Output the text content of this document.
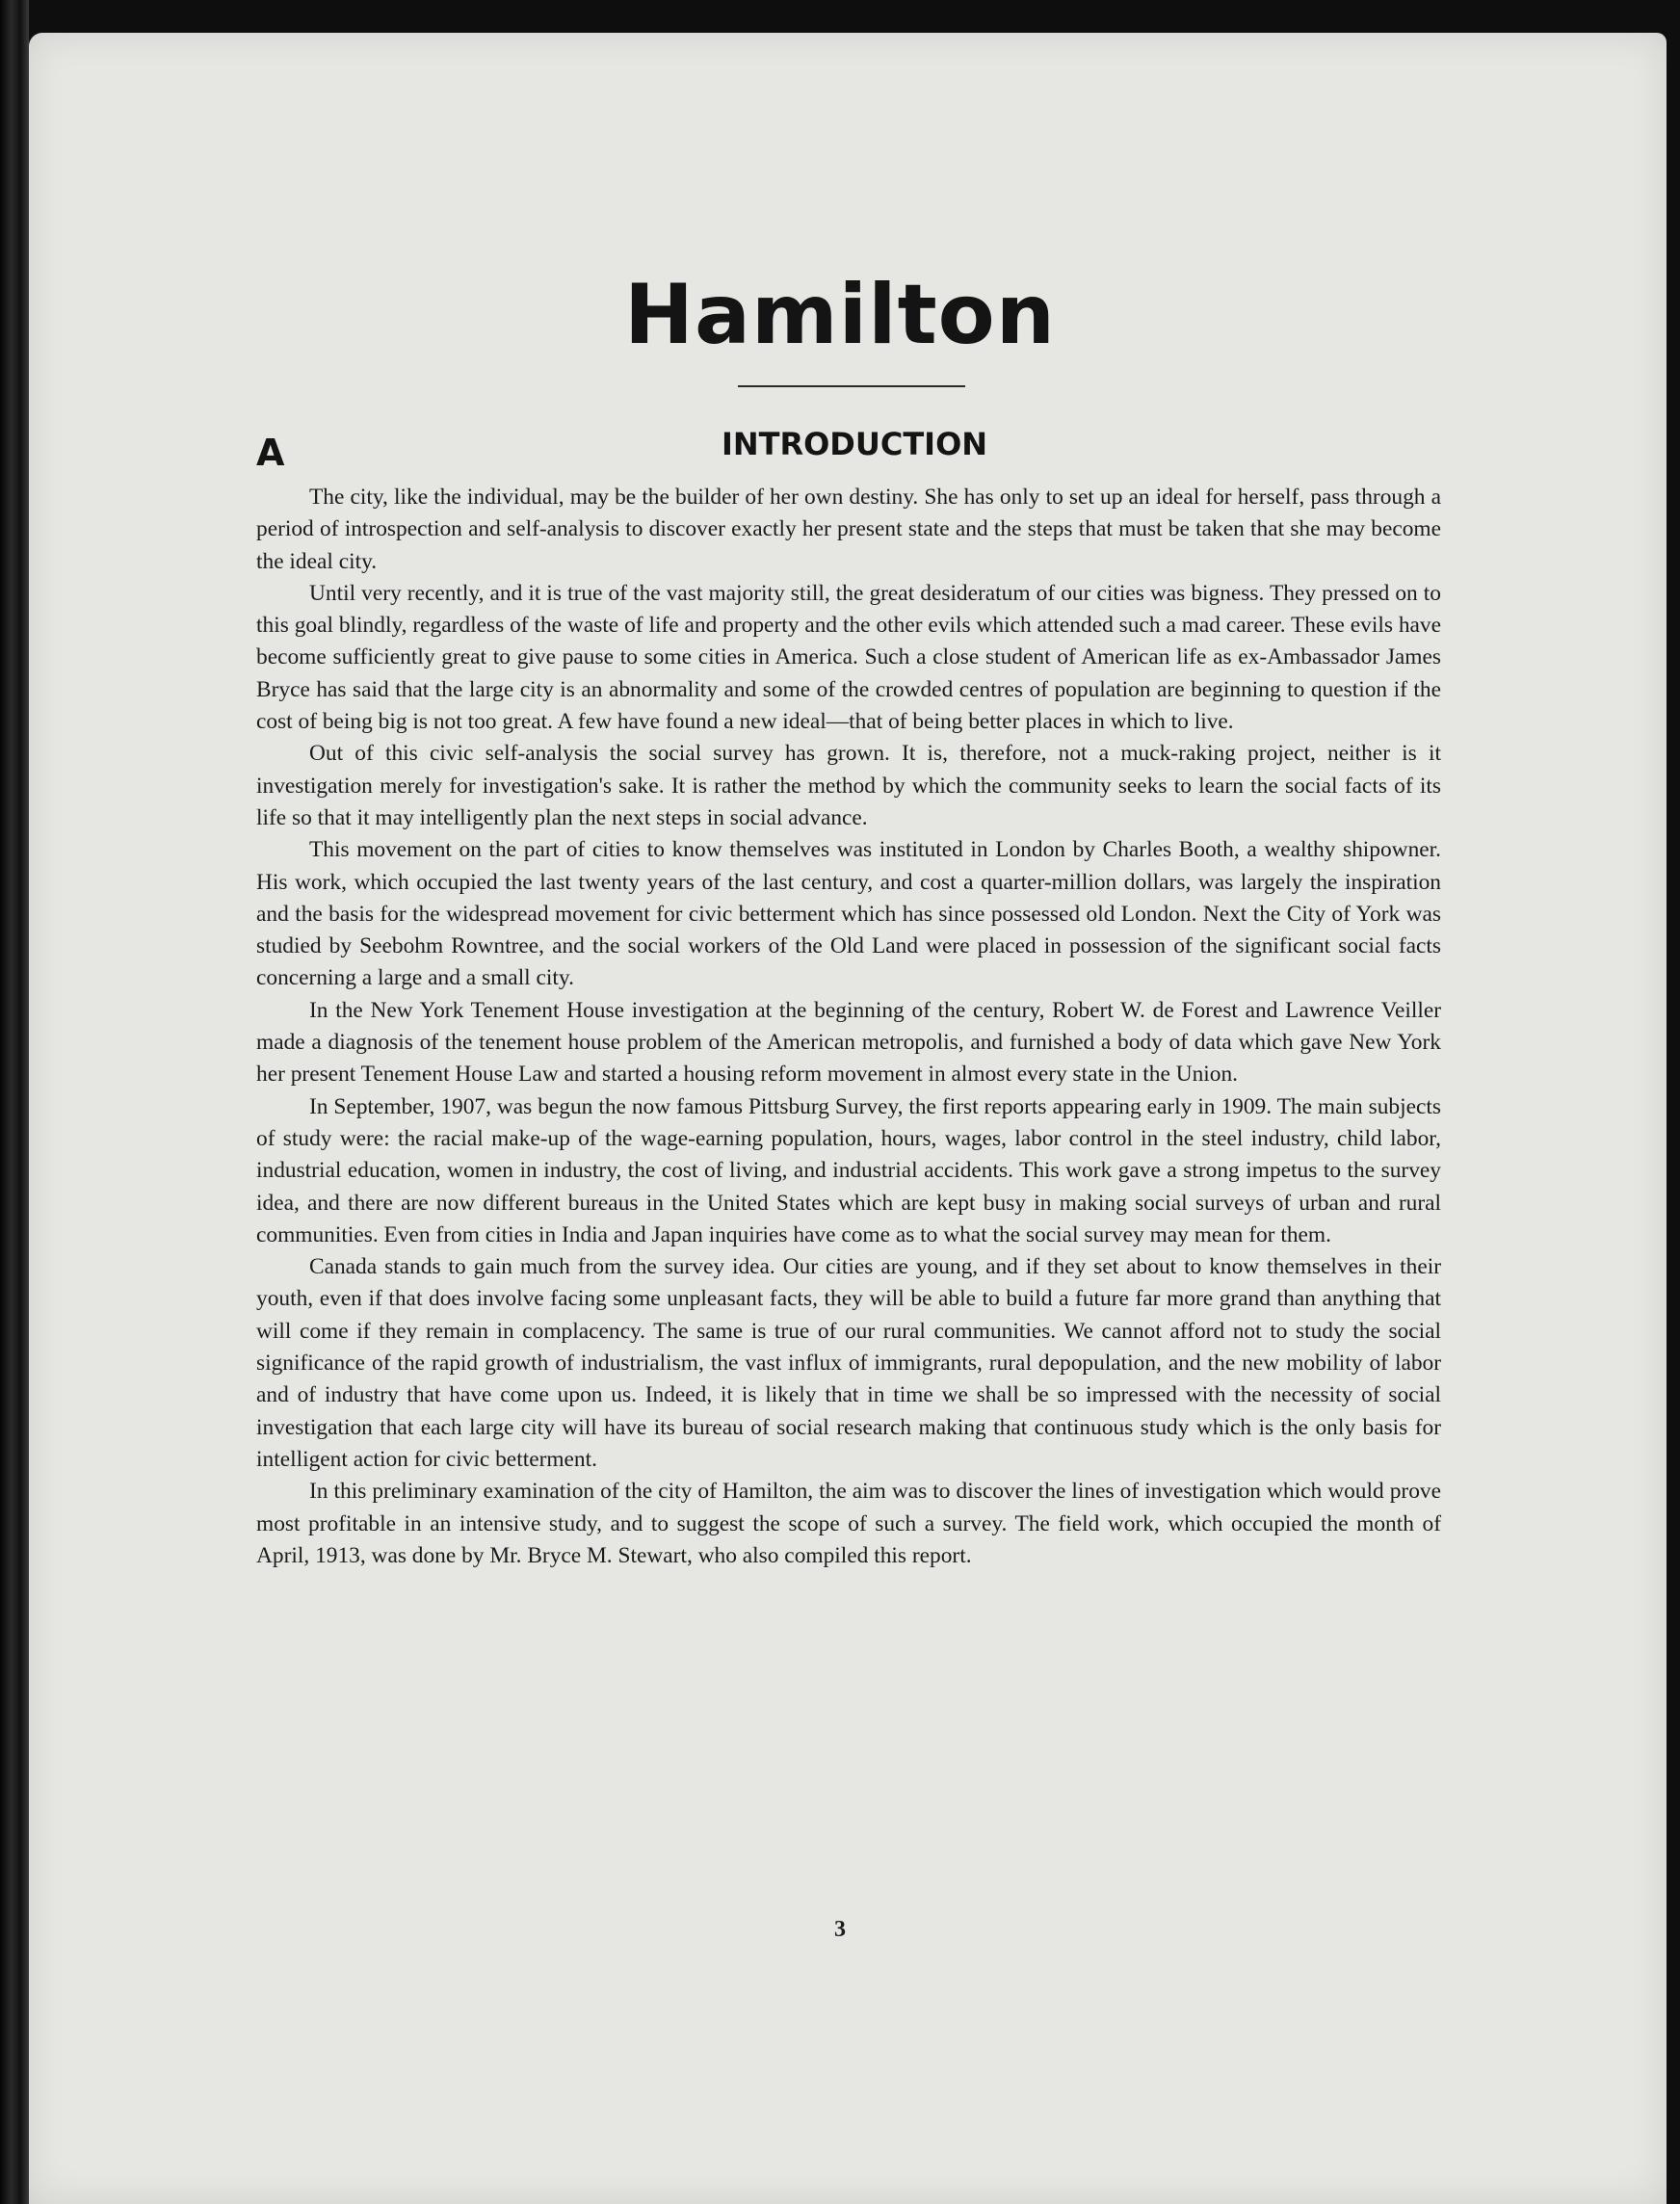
Hamilton
A	INTRODUCTION

The city, like the individual, may be the builder of her own destiny. She has only to set up an ideal for herself, pass through a period of introspection and self-analysis to discover exactly her present state and the steps that must be taken that she may become the ideal city.

Until very recently, and it is true of the vast majority still, the great desideratum of our cities was bigness. They pressed on to this goal blindly, regardless of the waste of life and property and the other evils which attended such a mad career. These evils have become sufficiently great to give pause to some cities in America. Such a close student of American life as ex-Ambassador James Bryce has said that the large city is an abnormality and some of the crowded centres of population are beginning to question if the cost of being big is not too great. A few have found a new ideal—that of being better places in which to live.

Out of this civic self-analysis the social survey has grown. It is, therefore, not a muck-raking project, neither is it investigation merely for investigation's sake. It is rather the method by which the community seeks to learn the social facts of its life so that it may intelligently plan the next steps in social advance.

This movement on the part of cities to know themselves was instituted in London by Charles Booth, a wealthy shipowner. His work, which occupied the last twenty years of the last century, and cost a quarter-million dollars, was largely the inspiration and the basis for the widespread movement for civic betterment which has since possessed old London. Next the City of York was studied by Seebohm Rowntree, and the social workers of the Old Land were placed in possession of the significant social facts concerning a large and a small city.

In the New York Tenement House investigation at the beginning of the century, Robert W. de Forest and Lawrence Veiller made a diagnosis of the tenement house problem of the American metropolis, and furnished a body of data which gave New York her present Tenement House Law and started a housing reform movement in almost every state in the Union.

In September, 1907, was begun the now famous Pittsburg Survey, the first reports appearing early in 1909. The main subjects of study were: the racial make-up of the wage-earning population, hours, wages, labor control in the steel industry, child labor, industrial education, women in industry, the cost of living, and industrial accidents. This work gave a strong impetus to the survey idea, and there are now different bureaus in the United States which are kept busy in making social surveys of urban and rural communities. Even from cities in India and Japan inquiries have come as to what the social survey may mean for them.

Canada stands to gain much from the survey idea. Our cities are young, and if they set about to know themselves in their youth, even if that does involve facing some unpleasant facts, they will be able to build a future far more grand than anything that will come if they remain in complacency. The same is true of our rural communities. We cannot afford not to study the social significance of the rapid growth of industrialism, the vast influx of immigrants, rural depopulation, and the new mobility of labor and of industry that have come upon us. Indeed, it is likely that in time we shall be so impressed with the necessity of social investigation that each large city will have its bureau of social research making that continuous study which is the only basis for intelligent action for civic betterment.

In this preliminary examination of the city of Hamilton, the aim was to discover the lines of investigation which would prove most profitable in an intensive study, and to suggest the scope of such a survey. The field work, which occupied the month of April, 1913, was done by Mr. Bryce M. Stewart, who also compiled this report.

3
